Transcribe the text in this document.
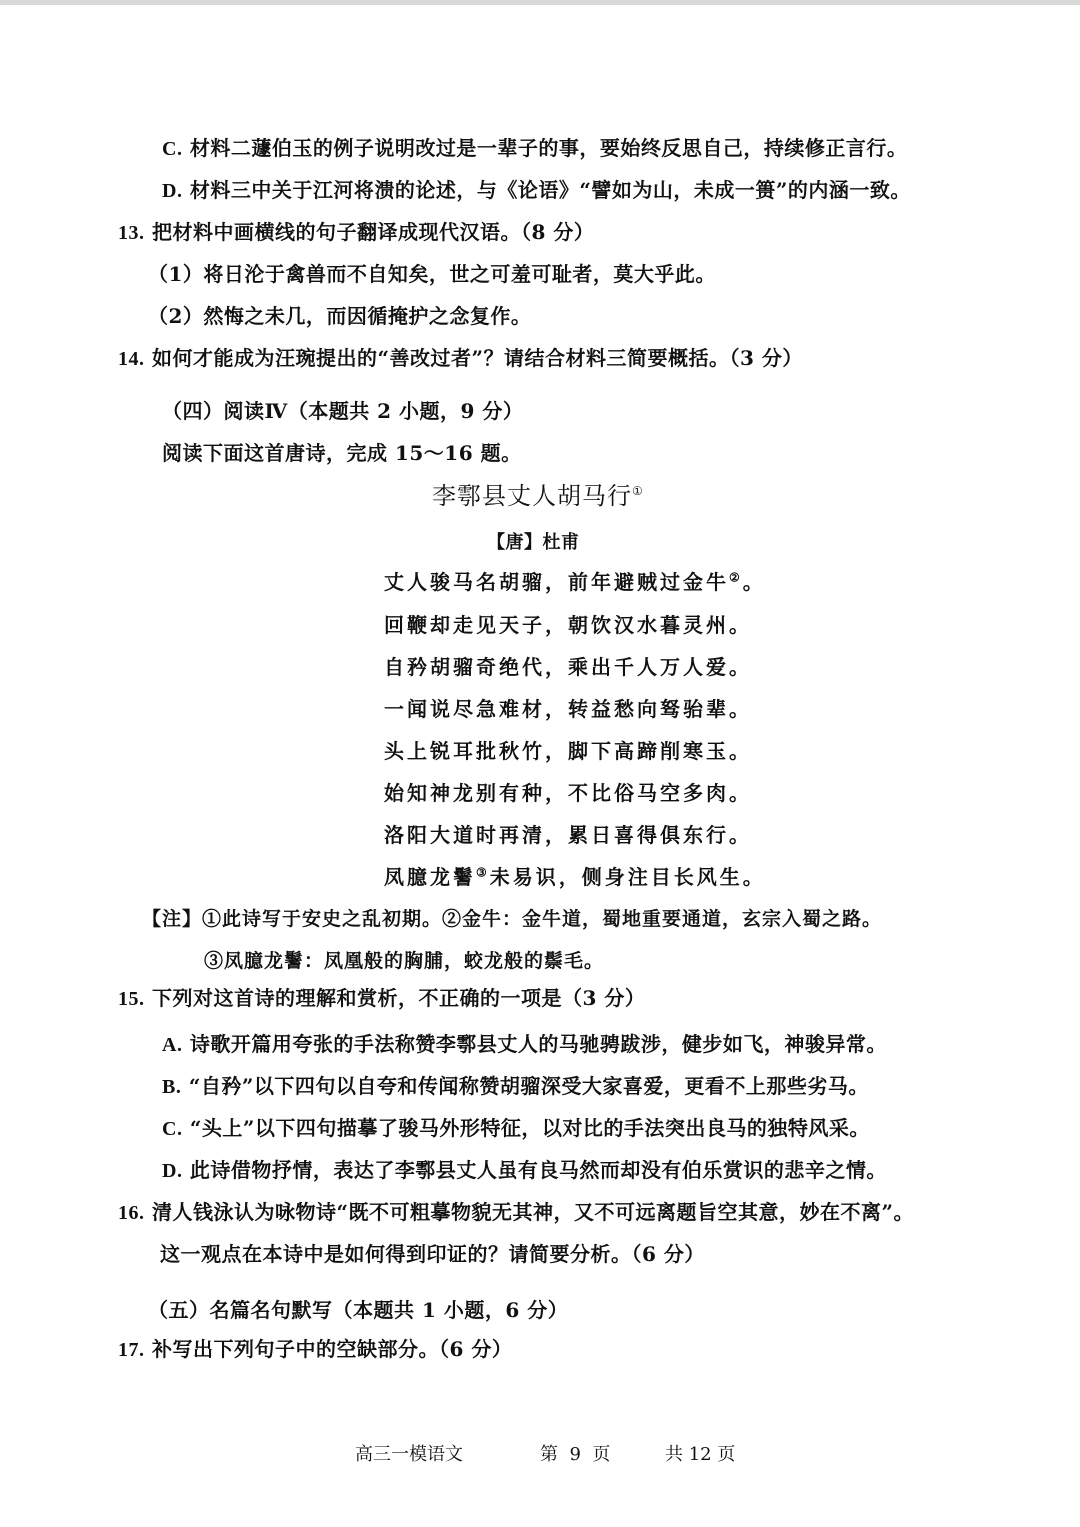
C. 材料二蘧伯玉的例子说明改过是一辈子的事，要始终反思自己，持续修正言行。
D. 材料三中关于江河将溃的论述，与《论语》“譬如为山，未成一篑”的内涵一致。
13. 把材料中画横线的句子翻译成现代汉语。（8 分）
（1）将日沦于禽兽而不自知矣，世之可羞可耻者，莫大乎此。
（2）然悔之未几，而因循掩护之念复作。
14. 如何才能成为汪琬提出的“善改过者”？请结合材料三简要概括。（3 分）
（四）阅读Ⅳ（本题共 2 小题，9 分）
阅读下面这首唐诗，完成 15～16 题。
李鄠县丈人胡马行①
【唐】杜甫
丈人骏马名胡骝，前年避贼过金牛②。
回鞭却走见天子，朝饮汉水暮灵州。
自矜胡骝奇绝代，乘出千人万人爱。
一闻说尽急难材，转益愁向驽骀辈。
头上锐耳批秋竹，脚下高蹄削寒玉。
始知神龙别有种，不比俗马空多肉。
洛阳大道时再清，累日喜得俱东行。
凤臆龙鬐③未易识，侧身注目长风生。
【注】①此诗写于安史之乱初期。②金牛：金牛道，蜀地重要通道，玄宗入蜀之路。
③凤臆龙鬐：凤凰般的胸脯，蛟龙般的鬃毛。
15. 下列对这首诗的理解和赏析，不正确的一项是（3 分）
A. 诗歌开篇用夸张的手法称赞李鄠县丈人的马驰骋跋涉，健步如飞，神骏异常。
B. “自矜”以下四句以自夸和传闻称赞胡骝深受大家喜爱，更看不上那些劣马。
C. “头上”以下四句描摹了骏马外形特征，以对比的手法突出良马的独特风采。
D. 此诗借物抒情，表达了李鄠县丈人虽有良马然而却没有伯乐赏识的悲辛之情。
16. 清人钱泳认为咏物诗“既不可粗摹物貌无其神，又不可远离题旨空其意，妙在不离”。
这一观点在本诗中是如何得到印证的？请简要分析。（6 分）
（五）名篇名句默写（本题共 1 小题，6 分）
17. 补写出下列句子中的空缺部分。（6 分）
高三一模语文	第  9  页	共 12 页
